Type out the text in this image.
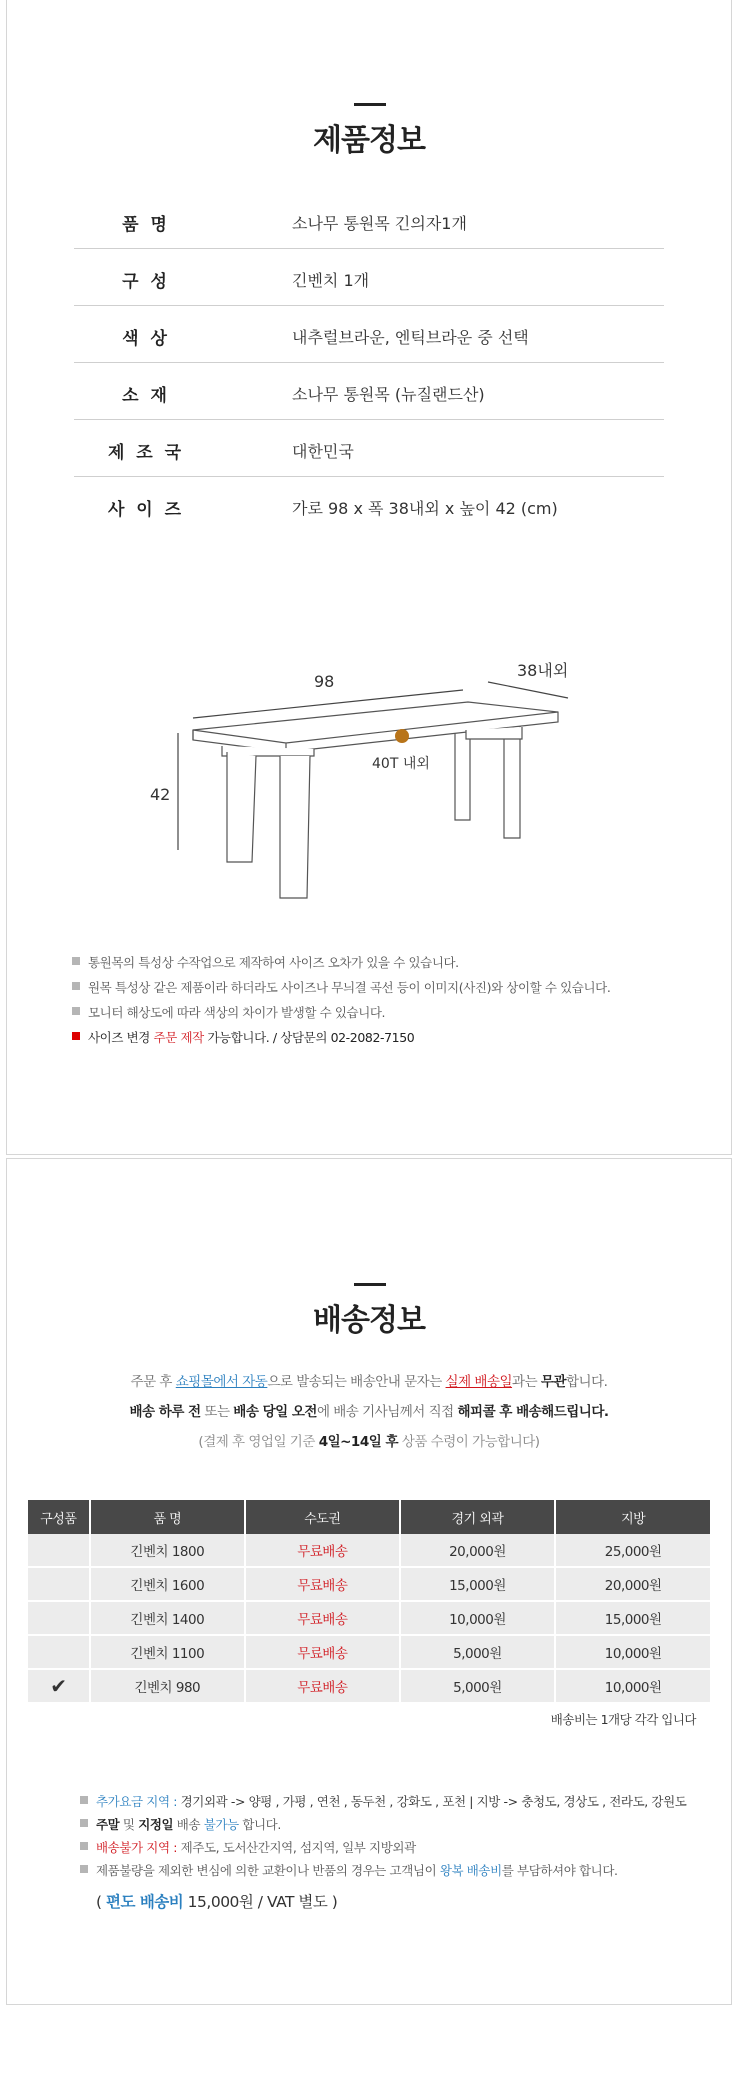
제품정보
품 명	소나무 통원목 긴의자1개
구 성	긴벤치 1개
색 상	내추럴브라운, 엔틱브라운 중 선택
소 재	소나무 통원목 (뉴질랜드산)
제 조 국	대한민국
사 이 즈	가로 98 x 폭 38내외 x 높이 42 (cm)
98
38내외
42
40T 내외
통원목의 특성상 수작업으로 제작하여 사이즈 오차가 있을 수 있습니다.
원목 특성상 같은 제품이라 하더라도 사이즈나 무늬결 곡선 등이 이미지(사진)와 상이할 수 있습니다.
모니터 해상도에 따라 색상의 차이가 발생할 수 있습니다.
사이즈 변경 주문 제작 가능합니다. / 상담문의 02-2082-7150
배송정보
주문 후 쇼핑몰에서 자동으로 발송되는 배송안내 문자는 실제 배송일과는 무관합니다.
배송 하루 전 또는 배송 당일 오전에 배송 기사님께서 직접 해피콜 후 배송해드립니다.
(결제 후 영업일 기준 4일~14일 후 상품 수령이 가능합니다)
구성품	품 명	수도권	경기 외곽	지방
	긴벤치 1800	무료배송	20,000원	25,000원
	긴벤치 1600	무료배송	15,000원	20,000원
	긴벤치 1400	무료배송	10,000원	15,000원
	긴벤치 1100	무료배송	5,000원	10,000원
✔	긴벤치 980	무료배송	5,000원	10,000원
배송비는 1개당 각각 입니다
추가요금 지역 : 경기외곽 -> 양평 , 가평 , 연천 , 동두천 , 강화도 , 포천 | 지방 -> 충청도, 경상도 , 전라도, 강원도
주말 및 지정일 배송 불가능 합니다.
배송불가 지역 : 제주도, 도서산간지역, 섬지역, 일부 지방외곽
제품불량을 제외한 변심에 의한 교환이나 반품의 경우는 고객님이 왕복 배송비를 부담하셔야 합니다.
( 편도 배송비 15,000원 / VAT 별도 )
